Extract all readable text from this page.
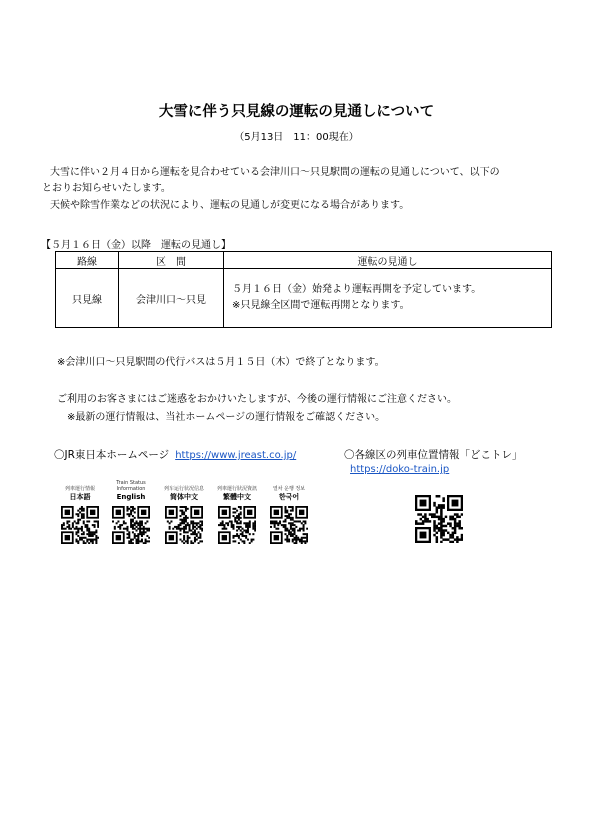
大雪に伴う只見線の運転の見通しについて
（5月13日　11：00現在）
大雪に伴い２月４日から運転を見合わせている会津川口～只見駅間の運転の見通しについて、以下の
とおりお知らせいたします。
天候や除雪作業などの状況により、運転の見通しが変更になる場合があります。
【５月１６日（金）以降　運転の見通し】
路線	区　間	運転の見通し
只見線	会津川口～只見	５月１６日（金）始発より運転再開を予定しています。
※只見線全区間で運転再開となります。
※会津川口～只見駅間の代行バスは５月１５日（木）で終了となります。
ご利用のお客さまにはご迷惑をおかけいたしますが、今後の運行情報にご注意ください。
※最新の運行情報は、当社ホームページの運行情報をご確認ください。
〇JR東日本ホームページ https://www.jreast.co.jp/	〇各線区の列車位置情報「どこトレ」
https://doko-train.jp
列車運行情報
日本語
Train Status Information
English
列车运行状况信息
简体中文
列車運行狀況資訊
繁體中文
열차 운행 정보
한국어
